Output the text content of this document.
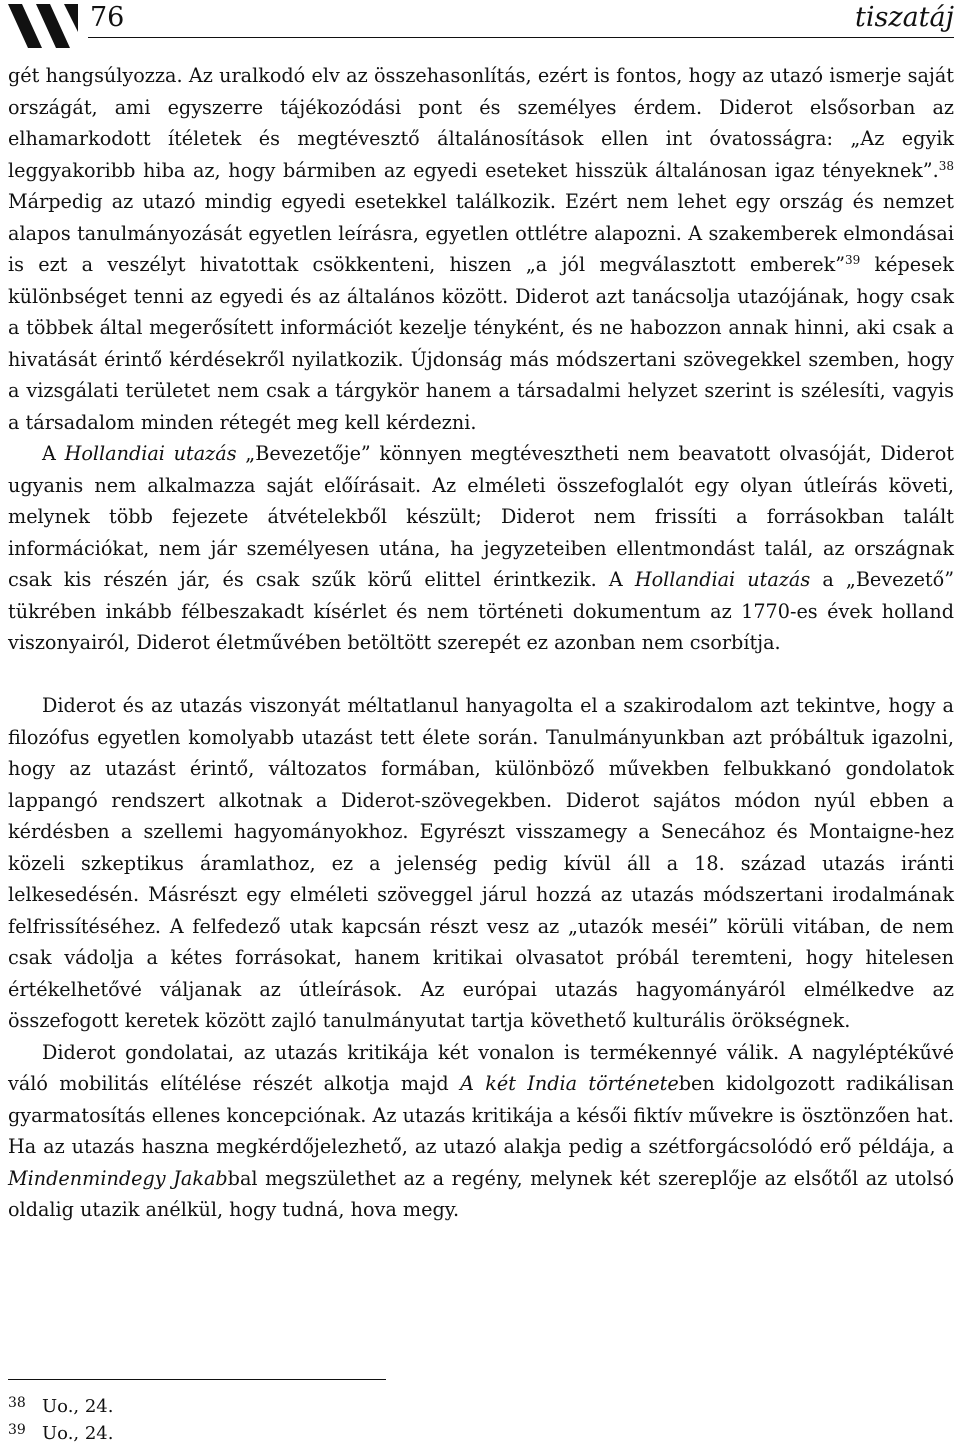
76	tiszatáj

gét hangsúlyozza. Az uralkodó elv az összehasonlítás, ezért is fontos, hogy az utazó ismerje saját országát, ami egyszerre tájékozódási pont és személyes érdem. Diderot elsősorban az elhamarkodott ítéletek és megtévesztő általánosítások ellen int óvatosságra: „Az egyik leggyakoribb hiba az, hogy bármiben az egyedi eseteket hisszük általánosan igaz tényeknek”.$^{38}$ Márpedig az utazó mindig egyedi esetekkel találkozik. Ezért nem lehet egy ország és nemzet alapos tanulmányozását egyetlen leírásra, egyetlen ottlétre alapozni. A szakemberek elmondásai is ezt a veszélyt hivatottak csökkenteni, hiszen „a jól megválasztott emberek”$^{39}$ képesek különbséget tenni az egyedi és az általános között. Diderot azt tanácsolja utazójának, hogy csak a többek által megerősített információt kezelje tényként, és ne habozzon annak hinni, aki csak a hivatását érintő kérdésekről nyilatkozik. Újdonság más módszertani szövegekkel szemben, hogy a vizsgálati területet nem csak a tárgykör hanem a társadalmi helyzet szerint is szélesíti, vagyis a társadalom minden rétegét meg kell kérdezni.

A Hollandiai utazás „Bevezetője” könnyen megtévesztheti nem beavatott olvasóját, Diderot ugyanis nem alkalmazza saját előírásait. Az elméleti összefoglalót egy olyan útleírás követi, melynek több fejezete átvételekből készült; Diderot nem frissíti a forrásokban talált információkat, nem jár személyesen utána, ha jegyzeteiben ellentmondást talál, az országnak csak kis részén jár, és csak szűk körű elittel érintkezik. A Hollandiai utazás a „Bevezető” tükrében inkább félbeszakadt kísérlet és nem történeti dokumentum az 1770-es évek holland viszonyairól, Diderot életművében betöltött szerepét ez azonban nem csorbítja.

Diderot és az utazás viszonyát méltatlanul hanyagolta el a szakirodalom azt tekintve, hogy a filozófus egyetlen komolyabb utazást tett élete során. Tanulmányunkban azt próbáltuk igazolni, hogy az utazást érintő, változatos formában, különböző művekben felbukkanó gondolatok lappangó rendszert alkotnak a Diderot-szövegekben. Diderot sajátos módon nyúl ebben a kérdésben a szellemi hagyományokhoz. Egyrészt visszamegy a Senecához és Montaigne-hez közeli szkeptikus áramlathoz, ez a jelenség pedig kívül áll a 18. század utazás iránti lelkesedésén. Másrészt egy elméleti szöveggel járul hozzá az utazás módszertani irodalmának felfrissítéséhez. A felfedező utak kapcsán részt vesz az „utazók meséi” körüli vitában, de nem csak vádolja a kétes forrásokat, hanem kritikai olvasatot próbál teremteni, hogy hitelesen értékelhetővé váljanak az útleírások. Az európai utazás hagyományáról elmélkedve az összefogott keretek között zajló tanulmányutat tartja követhető kulturális örökségnek.

Diderot gondolatai, az utazás kritikája két vonalon is termékennyé válik. A nagyléptékűvé váló mobilitás elítélése részét alkotja majd A két India történeteben kidolgozott radikálisan gyarmatosítás ellenes koncepciónak. Az utazás kritikája a késői fiktív művekre is ösztönzően hat. Ha az utazás haszna megkérdőjelezhető, az utazó alakja pedig a szétforgácsolódó erő példája, a Mindenmindegy Jakabbal megszülethet az a regény, melynek két szereplője az elsőtől az utolsó oldalig utazik anélkül, hogy tudná, hova megy.

38 Uo., 24.
39 Uo., 24.
